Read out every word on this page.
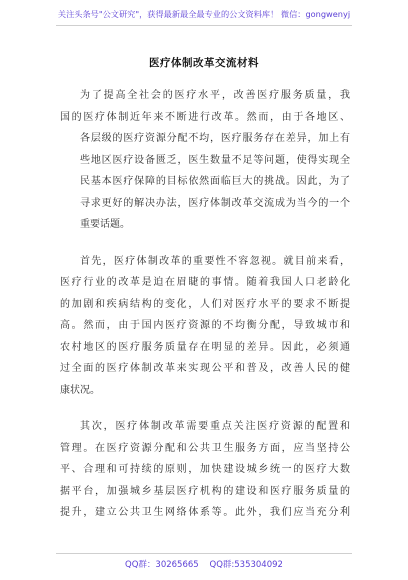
关注头条号"公文研究"，获得最新最全最专业的公文资料库！ 微信：gongwenyj
医疗体制改革交流材料

为了提高全社会的医疗水平，改善医疗服务质量，我
国的医疗体制近年来不断进行改革。然而，由于各地区、
各层级的医疗资源分配不均，医疗服务存在差异，加上有
些地区医疗设备匮乏，医生数量不足等问题，使得实现全
民基本医疗保障的目标依然面临巨大的挑战。因此，为了
寻求更好的解决办法，医疗体制改革交流成为当今的一个
重要话题。

首先，医疗体制改革的重要性不容忽视。就目前来看，
医疗行业的改革是迫在眉睫的事情。随着我国人口老龄化
的加剧和疾病结构的变化，人们对医疗水平的要求不断提
高。然而，由于国内医疗资源的不均衡分配，导致城市和
农村地区的医疗服务质量存在明显的差异。因此，必须通
过全面的医疗体制改革来实现公平和普及，改善人民的健
康状况。

其次，医疗体制改革需要重点关注医疗资源的配置和
管理。在医疗资源分配和公共卫生服务方面，应当坚持公
平、合理和可持续的原则，加快建设城乡统一的医疗大数
据平台，加强城乡基层医疗机构的建设和医疗服务质量的
提升，建立公共卫生网络体系等。此外，我们应当充分利

QQ群：30265665 QQ群:535304092
